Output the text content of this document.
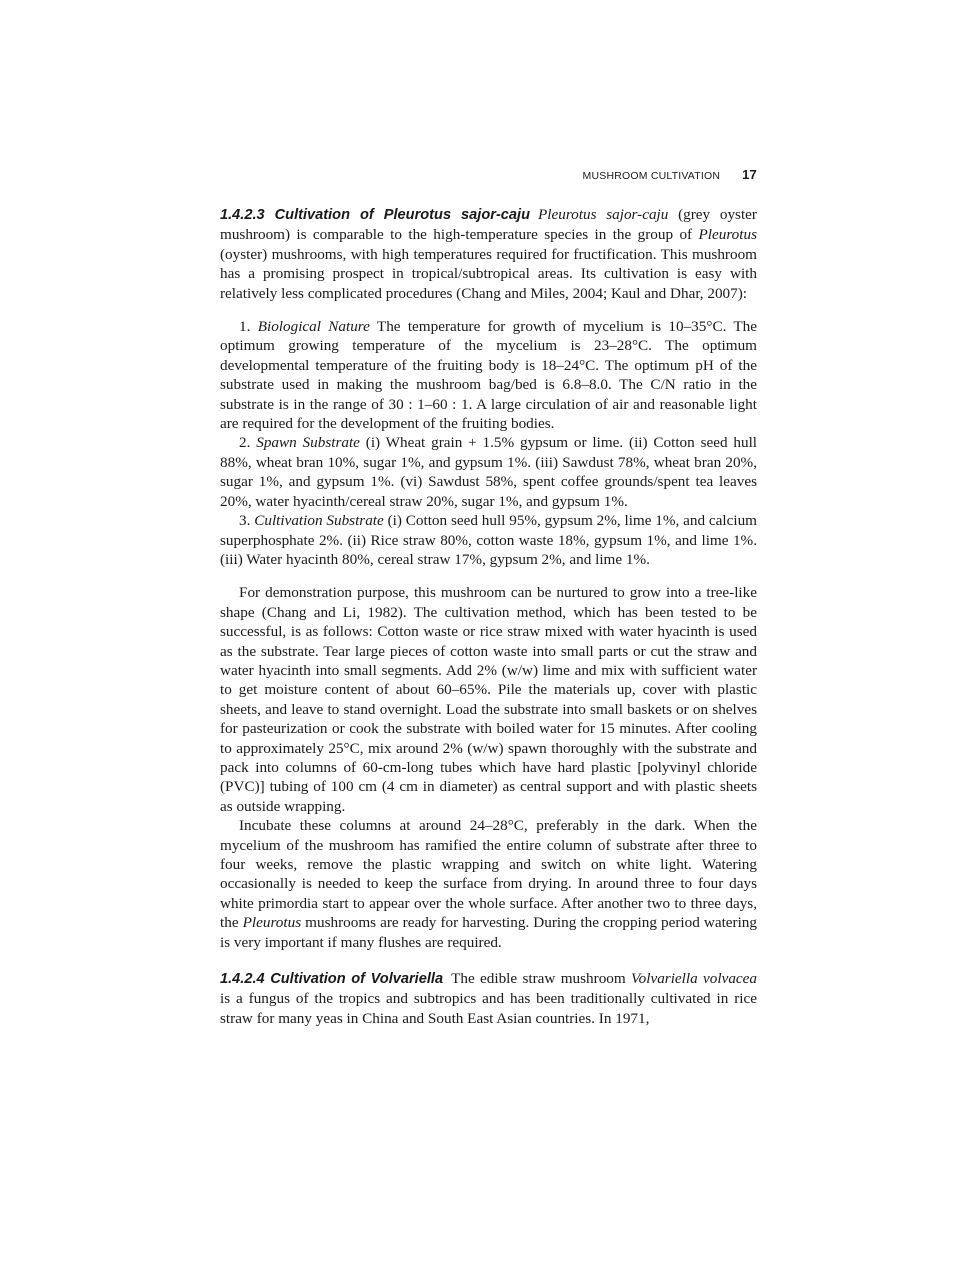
MUSHROOM CULTIVATION 17

1.4.2.3 Cultivation of Pleurotus sajor-caju Pleurotus sajor-caju (grey oyster mushroom) is comparable to the high-temperature species in the group of Pleurotus (oyster) mushrooms, with high temperatures required for fructification. This mushroom has a promising prospect in tropical/subtropical areas. Its cultivation is easy with relatively less complicated procedures (Chang and Miles, 2004; Kaul and Dhar, 2007):

1. Biological Nature The temperature for growth of mycelium is 10–35°C. The optimum growing temperature of the mycelium is 23–28°C. The optimum developmental temperature of the fruiting body is 18–24°C. The optimum pH of the substrate used in making the mushroom bag/bed is 6.8–8.0. The C/N ratio in the substrate is in the range of 30 : 1–60 : 1. A large circulation of air and reasonable light are required for the development of the fruiting bodies.

2. Spawn Substrate (i) Wheat grain + 1.5% gypsum or lime. (ii) Cotton seed hull 88%, wheat bran 10%, sugar 1%, and gypsum 1%. (iii) Sawdust 78%, wheat bran 20%, sugar 1%, and gypsum 1%. (vi) Sawdust 58%, spent coffee grounds/spent tea leaves 20%, water hyacinth/cereal straw 20%, sugar 1%, and gypsum 1%.

3. Cultivation Substrate (i) Cotton seed hull 95%, gypsum 2%, lime 1%, and calcium superphosphate 2%. (ii) Rice straw 80%, cotton waste 18%, gypsum 1%, and lime 1%. (iii) Water hyacinth 80%, cereal straw 17%, gypsum 2%, and lime 1%.

For demonstration purpose, this mushroom can be nurtured to grow into a tree-like shape (Chang and Li, 1982). The cultivation method, which has been tested to be successful, is as follows: Cotton waste or rice straw mixed with water hyacinth is used as the substrate. Tear large pieces of cotton waste into small parts or cut the straw and water hyacinth into small segments. Add 2% (w/w) lime and mix with sufficient water to get moisture content of about 60–65%. Pile the materials up, cover with plastic sheets, and leave to stand overnight. Load the substrate into small baskets or on shelves for pasteurization or cook the substrate with boiled water for 15 minutes. After cooling to approximately 25°C, mix around 2% (w/w) spawn thoroughly with the substrate and pack into columns of 60-cm-long tubes which have hard plastic [polyvinyl chloride (PVC)] tubing of 100 cm (4 cm in diameter) as central support and with plastic sheets as outside wrapping.

Incubate these columns at around 24–28°C, preferably in the dark. When the mycelium of the mushroom has ramified the entire column of substrate after three to four weeks, remove the plastic wrapping and switch on white light. Watering occasionally is needed to keep the surface from drying. In around three to four days white primordia start to appear over the whole surface. After another two to three days, the Pleurotus mushrooms are ready for harvesting. During the cropping period watering is very important if many flushes are required.

1.4.2.4 Cultivation of Volvariella The edible straw mushroom Volvariella volvacea is a fungus of the tropics and subtropics and has been traditionally cultivated in rice straw for many yeas in China and South East Asian countries. In 1971,
